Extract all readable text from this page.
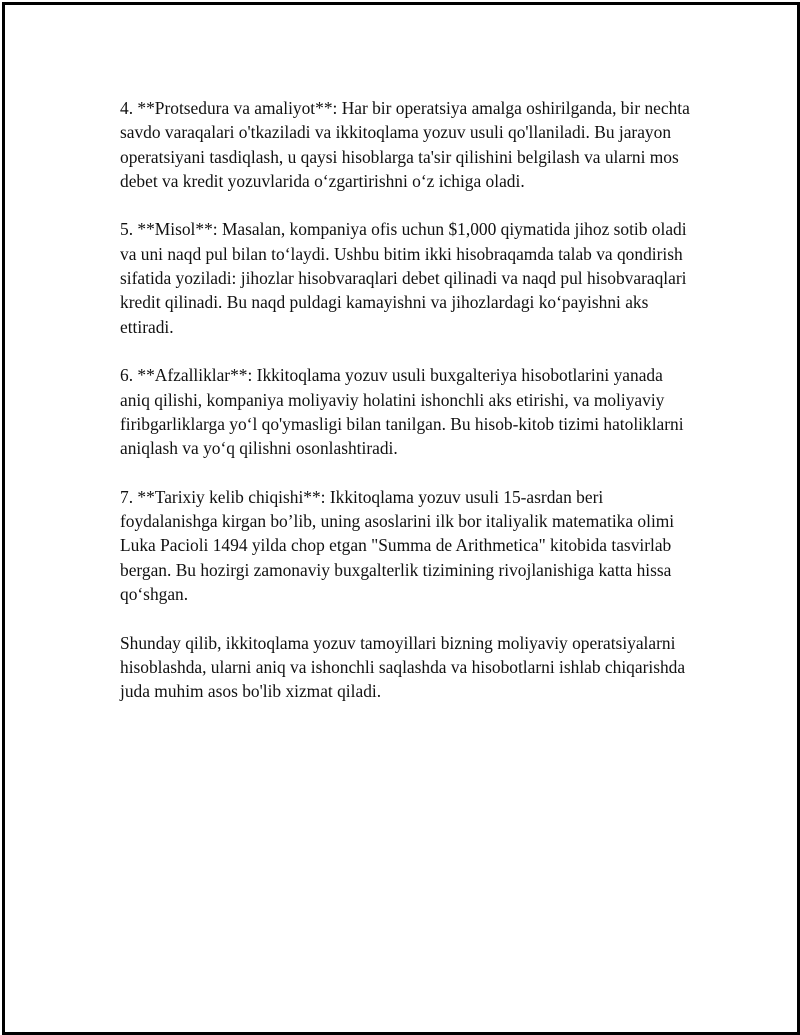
4. **Protsedura va amaliyot**: Har bir operatsiya amalga oshirilganda, bir nechta savdo varaqalari o'tkaziladi va ikkitoqlama yozuv usuli qo'llaniladi. Bu jarayon operatsiyani tasdiqlash, u qaysi hisoblarga ta'sir qilishini belgilash va ularni mos debet va kredit yozuvlarida o‘zgartirishni o‘z ichiga oladi.

5. **Misol**: Masalan, kompaniya ofis uchun $1,000 qiymatida jihoz sotib oladi va uni naqd pul bilan to‘laydi. Ushbu bitim ikki hisobraqamda talab va qondirish sifatida yoziladi: jihozlar hisobvaraqlari debet qilinadi va naqd pul hisobvaraqlari kredit qilinadi. Bu naqd puldagi kamayishni va jihozlardagi ko‘payishni aks ettiradi.

6. **Afzalliklar**: Ikkitoqlama yozuv usuli buxgalteriya hisobotlarini yanada aniq qilishi, kompaniya moliyaviy holatini ishonchli aks etirishi, va moliyaviy firibgarliklarga yo‘l qo'ymasligi bilan tanilgan. Bu hisob-kitob tizimi hatoliklarni aniqlash va yo‘q qilishni osonlashtiradi.

7. **Tarixiy kelib chiqishi**: Ikkitoqlama yozuv usuli 15-asrdan beri foydalanishga kirgan bo’lib, uning asoslarini ilk bor italiyalik matematika olimi Luka Pacioli 1494 yilda chop etgan "Summa de Arithmetica" kitobida tasvirlab bergan. Bu hozirgi zamonaviy buxgalterlik tizimining rivojlanishiga katta hissa qo‘shgan.

Shunday qilib, ikkitoqlama yozuv tamoyillari bizning moliyaviy operatsiyalarni hisoblashda, ularni aniq va ishonchli saqlashda va hisobotlarni ishlab chiqarishda juda muhim asos bo'lib xizmat qiladi.
